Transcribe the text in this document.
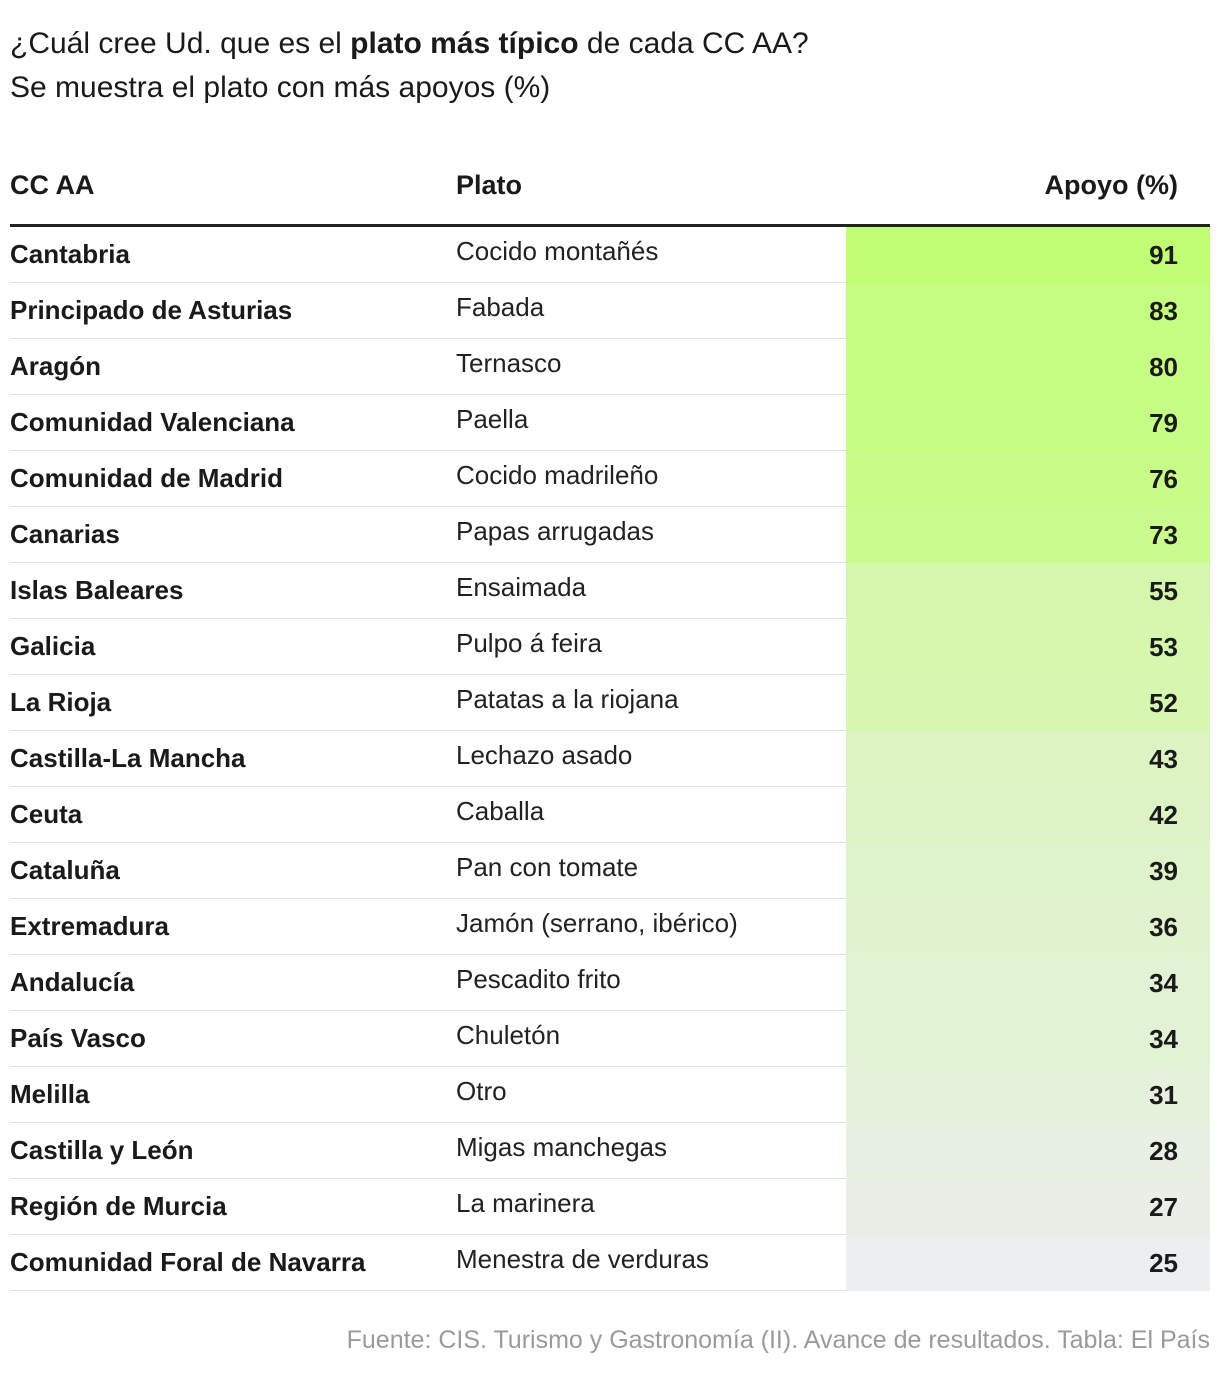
¿Cuál cree Ud. que es el plato más típico de cada CC AA?
Se muestra el plato con más apoyos (%)
CC AA	Plato	Apoyo (%)
Cantabria	Cocido montañés	91
Principado de Asturias	Fabada	83
Aragón	Ternasco	80
Comunidad Valenciana	Paella	79
Comunidad de Madrid	Cocido madrileño	76
Canarias	Papas arrugadas	73
Islas Baleares	Ensaimada	55
Galicia	Pulpo á feira	53
La Rioja	Patatas a la riojana	52
Castilla-La Mancha	Lechazo asado	43
Ceuta	Caballa	42
Cataluña	Pan con tomate	39
Extremadura	Jamón (serrano, ibérico)	36
Andalucía	Pescadito frito	34
País Vasco	Chuletón	34
Melilla	Otro	31
Castilla y León	Migas manchegas	28
Región de Murcia	La marinera	27
Comunidad Foral de Navarra	Menestra de verduras	25
Fuente: CIS. Turismo y Gastronomía (II). Avance de resultados. Tabla: El País
